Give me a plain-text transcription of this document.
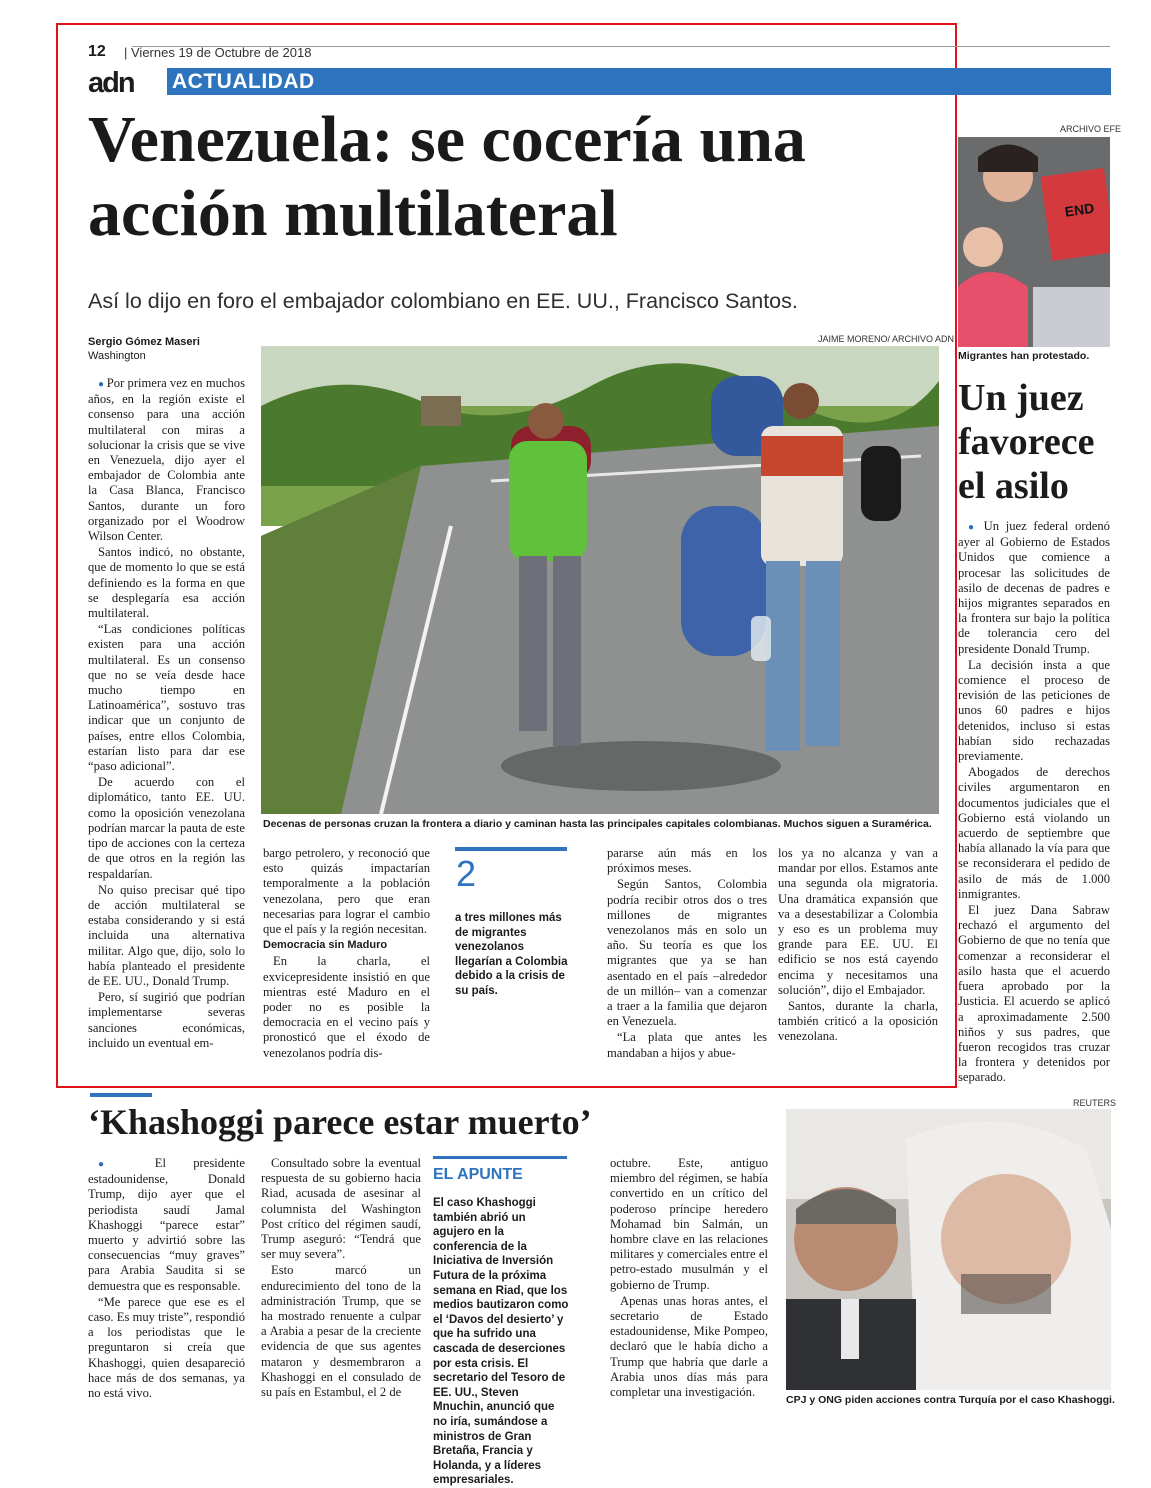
12 | Viernes 19 de Octubre de 2018
adn ACTUALIDAD
Venezuela: se cocería una acción multilateral
Así lo dijo en foro el embajador colombiano en EE. UU., Francisco Santos.
Sergio Gómez Maseri
Washington
JAIME MORENO/ ARCHIVO ADN
Decenas de personas cruzan la frontera a diario y caminan hasta las principales capitales colombianas. Muchos siguen a Suramérica.

● Por primera vez en muchos años, en la región existe el consenso para una acción multilateral con miras a solucionar la crisis que se vive en Venezuela, dijo ayer el embajador de Colombia ante la Casa Blanca, Francisco Santos, durante un foro organizado por el Woodrow Wilson Center.

Santos indicó, no obstante, que de momento lo que se está definiendo es la forma en que se desplegaría esa acción multilateral.

“Las condiciones políticas existen para una acción multilateral. Es un consenso que no se veía desde hace mucho tiempo en Latinoamérica”, sostuvo tras indicar que un conjunto de países, entre ellos Colombia, estarían listo para dar ese “paso adicional”.

De acuerdo con el diplomático, tanto EE. UU. como la oposición venezolana podrían marcar la pauta de este tipo de acciones con la certeza de que otros en la región las respaldarían.

No quiso precisar qué tipo de acción multilateral se estaba considerando y si está incluida una alternativa militar. Algo que, dijo, solo lo había planteado el presidente de EE. UU., Donald Trump.

Pero, sí sugirió que podrían implementarse severas sanciones económicas, incluido un eventual em-

bargo petrolero, y reconoció que esto quizás impactarían temporalmente a la población venezolana, pero que eran necesarias para lograr el cambio que el país y la región necesitan.

Democracia sin Maduro

En la charla, el exvicepresidente insistió en que mientras esté Maduro en el poder no es posible la democracia en el vecino país y pronosticó que el éxodo de venezolanos podría dis-

2
a tres millones más de migrantes venezolanos llegarían a Colombia debido a la crisis de su país.

pararse aún más en los próximos meses.

Según Santos, Colombia podría recibir otros dos o tres millones de migrantes venezolanos más en solo un año. Su teoría es que los migrantes que ya se han asentado en el país –alrededor de un millón– van a comenzar a traer a la familia que dejaron en Venezuela.

“La plata que antes les mandaban a hijos y abue-

los ya no alcanza y van a mandar por ellos. Estamos ante una segunda ola migratoria. Una dramática expansión que va a desestabilizar a Colombia y eso es un problema muy grande para EE. UU. El edificio se nos está cayendo encima y necesitamos una solución”, dijo el Embajador.

Santos, durante la charla, también criticó a la oposición venezolana.

ARCHIVO EFE
END
Migrantes han protestado.
Un juez favorece el asilo

● Un juez federal ordenó ayer al Gobierno de Estados Unidos que comience a procesar las solicitudes de asilo de decenas de padres e hijos migrantes separados en la frontera sur bajo la política de tolerancia cero del presidente Donald Trump.

La decisión insta a que comience el proceso de revisión de las peticiones de unos 60 padres e hijos detenidos, incluso si estas habían sido rechazadas previamente.

Abogados de derechos civiles argumentaron en documentos judiciales que el Gobierno está violando un acuerdo de septiembre que había allanado la vía para que se reconsiderara el pedido de asilo de más de 1.000 inmigrantes.

El juez Dana Sabraw rechazó el argumento del Gobierno de que no tenía que comenzar a reconsiderar el asilo hasta que el acuerdo fuera aprobado por la Justicia. El acuerdo se aplicó a aproximadamente 2.500 niños y sus padres, que fueron recogidos tras cruzar la frontera y detenidos por separado.

‘Khashoggi parece estar muerto’

● El presidente estadounidense, Donald Trump, dijo ayer que el periodista saudí Jamal Khashoggi “parece estar” muerto y advirtió sobre las consecuencias “muy graves” para Arabia Saudita si se demuestra que es responsable.

“Me parece que ese es el caso. Es muy triste”, respondió a los periodistas que le preguntaron si creía que Khashoggi, quien desapareció hace más de dos semanas, ya no está vivo.

Consultado sobre la eventual respuesta de su gobierno hacia Riad, acusada de asesinar al columnista del Washington Post crítico del régimen saudí, Trump aseguró: “Tendrá que ser muy severa”.

Esto marcó un endurecimiento del tono de la administración Trump, que se ha mostrado renuente a culpar a Arabia a pesar de la creciente evidencia de que sus agentes mataron y desmembraron a Khashoggi en el consulado de su país en Estambul, el 2 de

EL APUNTE
El caso Khashoggi también abrió un agujero en la conferencia de la Iniciativa de Inversión Futura de la próxima semana en Riad, que los medios bautizaron como el ‘Davos del desierto’ y que ha sufrido una cascada de deserciones por esta crisis. El secretario del Tesoro de EE. UU., Steven Mnuchin, anunció que no iría, sumándose a ministros de Gran Bretaña, Francia y Holanda, y a líderes empresariales.

octubre. Este, antiguo miembro del régimen, se había convertido en un crítico del poderoso príncipe heredero Mohamad bin Salmán, un hombre clave en las relaciones militares y comerciales entre el petro-estado musulmán y el gobierno de Trump.

Apenas unas horas antes, el secretario de Estado estadounidense, Mike Pompeo, declaró que le había dicho a Trump que habría que darle a Arabia unos días más para completar una investigación.

REUTERS
CPJ y ONG piden acciones contra Turquía por el caso Khashoggi.
